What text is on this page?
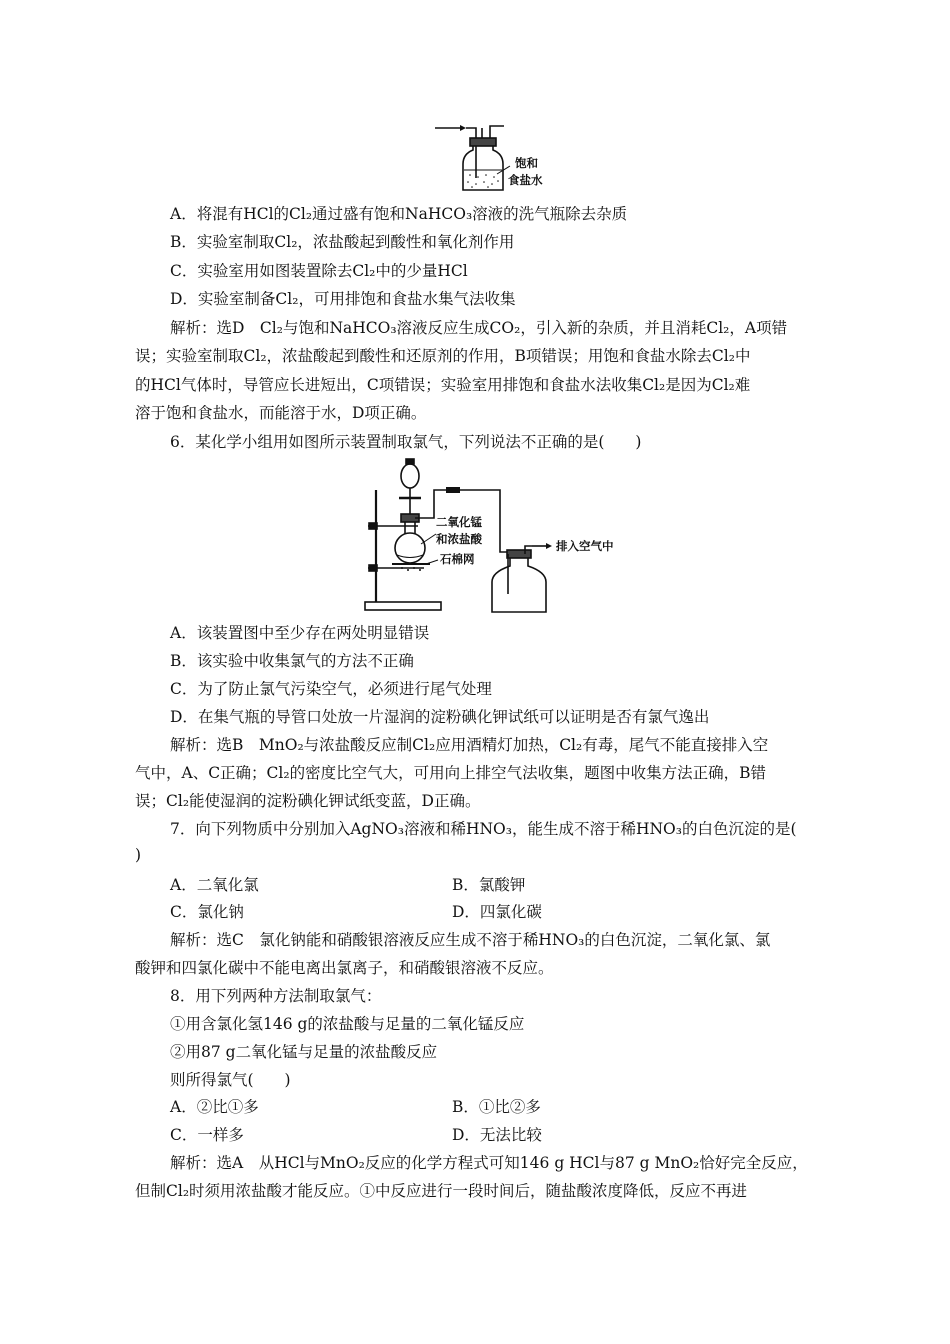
饱和
食盐水
A．将混有HCl的Cl₂通过盛有饱和NaHCO₃溶液的洗气瓶除去杂质
B．实验室制取Cl₂，浓盐酸起到酸性和氧化剂作用
C．实验室用如图装置除去Cl₂中的少量HCl
D．实验室制备Cl₂，可用排饱和食盐水集气法收集
解析：选D　Cl₂与饱和NaHCO₃溶液反应生成CO₂，引入新的杂质，并且消耗Cl₂，A项错
误；实验室制取Cl₂，浓盐酸起到酸性和还原剂的作用，B项错误；用饱和食盐水除去Cl₂中
的HCl气体时，导管应长进短出，C项错误；实验室用排饱和食盐水法收集Cl₂是因为Cl₂难
溶于饱和食盐水，而能溶于水，D项正确。
6．某化学小组用如图所示装置制取氯气，下列说法不正确的是(　　)
二氧化锰
和浓盐酸
石棉网
排入空气中
A．该装置图中至少存在两处明显错误
B．该实验中收集氯气的方法不正确
C．为了防止氯气污染空气，必须进行尾气处理
D．在集气瓶的导管口处放一片湿润的淀粉碘化钾试纸可以证明是否有氯气逸出
解析：选B　MnO₂与浓盐酸反应制Cl₂应用酒精灯加热，Cl₂有毒，尾气不能直接排入空
气中，A、C正确；Cl₂的密度比空气大，可用向上排空气法收集，题图中收集方法正确，B错
误；Cl₂能使湿润的淀粉碘化钾试纸变蓝，D正确。
7．向下列物质中分别加入AgNO₃溶液和稀HNO₃，能生成不溶于稀HNO₃的白色沉淀的是(
)
A．二氧化氯	B．氯酸钾
C．氯化钠	D．四氯化碳
解析：选C　氯化钠能和硝酸银溶液反应生成不溶于稀HNO₃的白色沉淀，二氧化氯、氯
酸钾和四氯化碳中不能电离出氯离子，和硝酸银溶液不反应。
8．用下列两种方法制取氯气：
①用含氯化氢146 g的浓盐酸与足量的二氧化锰反应
②用87 g二氧化锰与足量的浓盐酸反应
则所得氯气(　　)
A．②比①多	B．①比②多
C．一样多	D．无法比较
解析：选A　从HCl与MnO₂反应的化学方程式可知146 g HCl与87 g MnO₂恰好完全反应，
但制Cl₂时须用浓盐酸才能反应。①中反应进行一段时间后，随盐酸浓度降低，反应不再进
